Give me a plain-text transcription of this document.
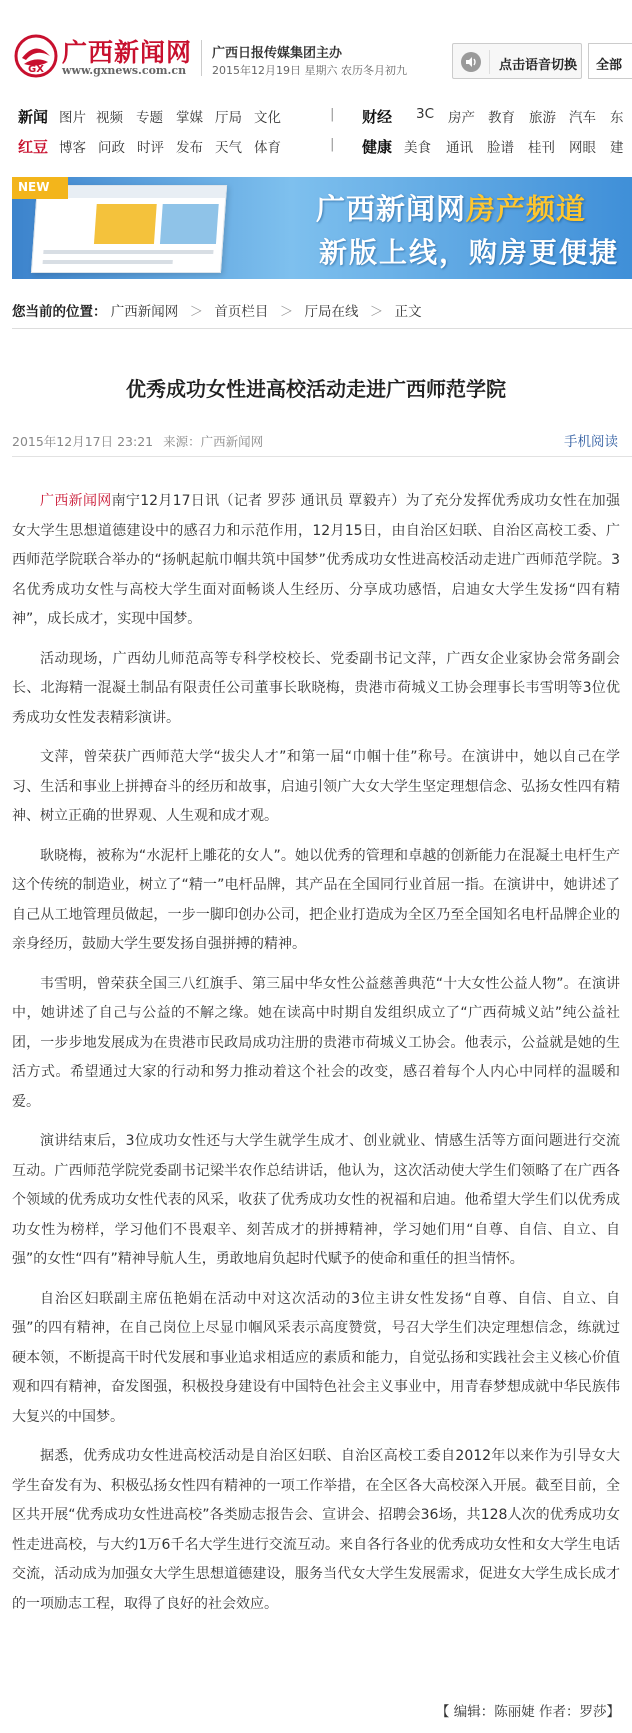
GX
广西新闻网
www.gxnews.com.cn
广西日报传媒集团主办
2015年12月19日 星期六 农历冬月初九	点击语音切换 全部
新闻 图片 视频 专题 掌媒 厅局 文化	| 财经 3C 房产 教育 旅游 汽车 东
红豆 博客 问政 时评 发布 天气 体育	| 健康 美食 通讯 脸谱 桂刊 网眼 建
NEW
广西新闻网房产频道
新版上线，购房更便捷
您当前的位置： 广西新闻网 ＞ 首页栏目 ＞ 厅局在线 ＞ 正文
优秀成功女性进高校活动走进广西师范学院
2015年12月17日 23:21 来源：广西新闻网	手机阅读

广西新闻网南宁12月17日讯（记者 罗莎 通讯员 覃毅卉）为了充分发挥优秀成功女性在加强女大学生思想道德建设中的感召力和示范作用，12月15日，由自治区妇联、自治区高校工委、广西师范学院联合举办的“扬帆起航巾帼共筑中国梦”优秀成功女性进高校活动走进广西师范学院。3名优秀成功女性与高校大学生面对面畅谈人生经历、分享成功感悟，启迪女大学生发扬“四有精神”，成长成才，实现中国梦。

活动现场，广西幼儿师范高等专科学校校长、党委副书记文萍，广西女企业家协会常务副会长、北海精一混凝土制品有限责任公司董事长耿晓梅，贵港市荷城义工协会理事长韦雪明等3位优秀成功女性发表精彩演讲。

文萍，曾荣获广西师范大学“拔尖人才”和第一届“巾帼十佳”称号。在演讲中，她以自己在学习、生活和事业上拼搏奋斗的经历和故事，启迪引领广大女大学生坚定理想信念、弘扬女性四有精神、树立正确的世界观、人生观和成才观。

耿晓梅，被称为“水泥杆上雕花的女人”。她以优秀的管理和卓越的创新能力在混凝土电杆生产这个传统的制造业，树立了“精一”电杆品牌，其产品在全国同行业首屈一指。在演讲中，她讲述了自己从工地管理员做起，一步一脚印创办公司，把企业打造成为全区乃至全国知名电杆品牌企业的亲身经历，鼓励大学生要发扬自强拼搏的精神。

韦雪明，曾荣获全国三八红旗手、第三届中华女性公益慈善典范“十大女性公益人物”。在演讲中，她讲述了自己与公益的不解之缘。她在读高中时期自发组织成立了“广西荷城义站”纯公益社团，一步步地发展成为在贵港市民政局成功注册的贵港市荷城义工协会。他表示，公益就是她的生活方式。希望通过大家的行动和努力推动着这个社会的改变，感召着每个人内心中同样的温暖和爱。

演讲结束后，3位成功女性还与大学生就学生成才、创业就业、情感生活等方面问题进行交流互动。广西师范学院党委副书记梁半农作总结讲话，他认为，这次活动使大学生们领略了在广西各个领域的优秀成功女性代表的风采，收获了优秀成功女性的祝福和启迪。他希望大学生们以优秀成功女性为榜样，学习他们不畏艰辛、刻苦成才的拼搏精神，学习她们用“自尊、自信、自立、自强”的女性“四有”精神导航人生，勇敢地肩负起时代赋予的使命和重任的担当情怀。

自治区妇联副主席伍艳娟在活动中对这次活动的3位主讲女性发扬“自尊、自信、自立、自强”的四有精神，在自己岗位上尽显巾帼风采表示高度赞赏，号召大学生们决定理想信念，练就过硬本领，不断提高干时代发展和事业追求相适应的素质和能力，自觉弘扬和实践社会主义核心价值观和四有精神，奋发图强，积极投身建设有中国特色社会主义事业中，用青春梦想成就中华民族伟大复兴的中国梦。

据悉，优秀成功女性进高校活动是自治区妇联、自治区高校工委自2012年以来作为引导女大学生奋发有为、积极弘扬女性四有精神的一项工作举措，在全区各大高校深入开展。截至目前，全区共开展“优秀成功女性进高校”各类励志报告会、宣讲会、招聘会36场，共128人次的优秀成功女性走进高校，与大约1万6千名大学生进行交流互动。来自各行各业的优秀成功女性和女大学生电话交流，活动成为加强女大学生思想道德建设，服务当代女大学生发展需求，促进女大学生成长成才的一项励志工程，取得了良好的社会效应。

【 编辑：陈丽婕 作者：罗莎】
